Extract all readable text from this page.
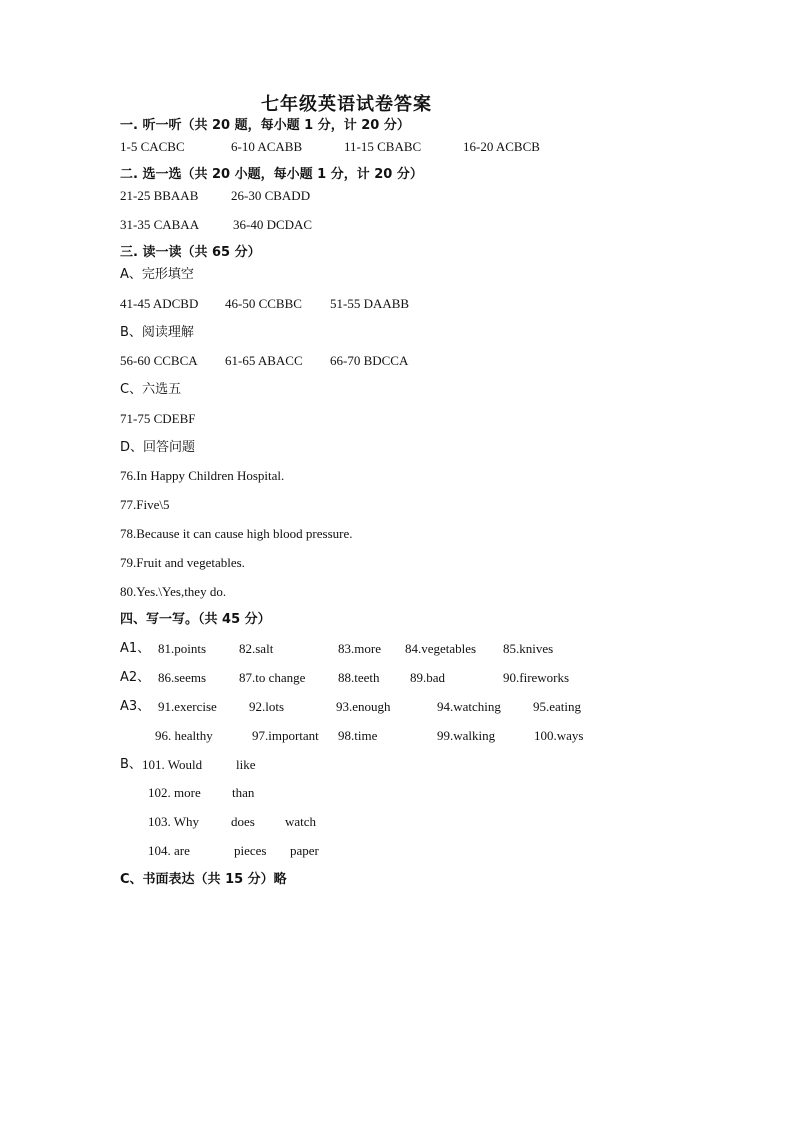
七年级英语试卷答案
一. 听一听（共 20 题，每小题 1 分，计 20 分）
1-5 CACBC	6-10 ACABB	11-15 CBABC	16-20 ACBCB
二. 选一选（共 20 小题，每小题 1 分，计 20 分）
21-25 BBAAB	26-30 CBADD
31-35 CABAA	36-40 DCDAC
三. 读一读（共 65 分）
A、完形填空
41-45 ADCBD 46-50 CCBBC 51-55 DAABB
B、阅读理解
56-60 CCBCA 61-65 ABACC 66-70 BDCCA
C、六选五
71-75 CDEBF
D、回答问题
76.In Happy Children Hospital.
77.Five\5
78.Because it can cause high blood pressure.
79.Fruit and vegetables.
80.Yes.\Yes,they do.
四、写一写。（共 45 分）
A1、 81.points	82.salt	83.more 84.vegetables 85.knives
A2、 86.seems	87.to change	88.teeth 89.bad	90.fireworks
A3、 91.exercise 92.lots	93.enough	94.watching 95.eating
96. healthy	97.important 98.time	99.walking	100.ways
B、 101. Would	like
102. more than
103. Why does watch
104. are	pieces paper
C、书面表达（共 15 分）略
